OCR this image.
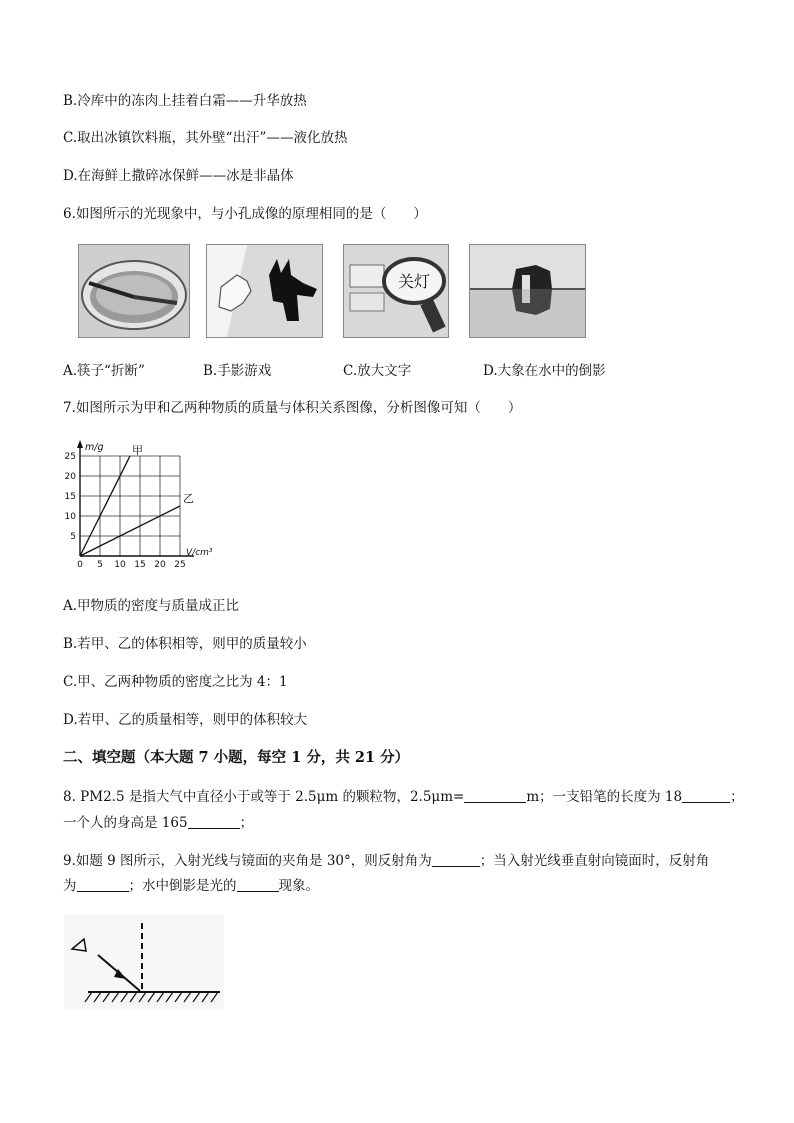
B.冷库中的冻肉上挂着白霜——升华放热
C.取出冰镇饮料瓶，其外壁“出汗”——液化放热
D.在海鲜上撒碎冰保鲜——冰是非晶体
6.如图所示的光现象中，与小孔成像的原理相同的是（　　）
关灯
A.筷子“折断”	B.手影游戏	C.放大文字	D.大象在水中的倒影
7.如图所示为甲和乙两种物质的质量与体积关系图像，分析图像可知（　　）
0 5 10 15 20 25
5
10
15
20
25
m/g
V/cm³
甲
乙
A.甲物质的密度与质量成正比
B.若甲、乙的体积相等，则甲的质量较小
C.甲、乙两种物质的密度之比为 4：1
D.若甲、乙的质量相等，则甲的体积较大
二、填空题（本大题 7 小题，每空 1 分，共 21 分）
8. PM2.5 是指大气中直径小于或等于 2.5μm 的颗粒物，2.5μm=	m；一支铅笔的长度为 18	；
一个人的身高是 165	；
9.如题 9 图所示，入射光线与镜面的夹角是 30°，则反射角为	；当入射光线垂直射向镜面时，反射角
为	；水中倒影是光的	现象。
